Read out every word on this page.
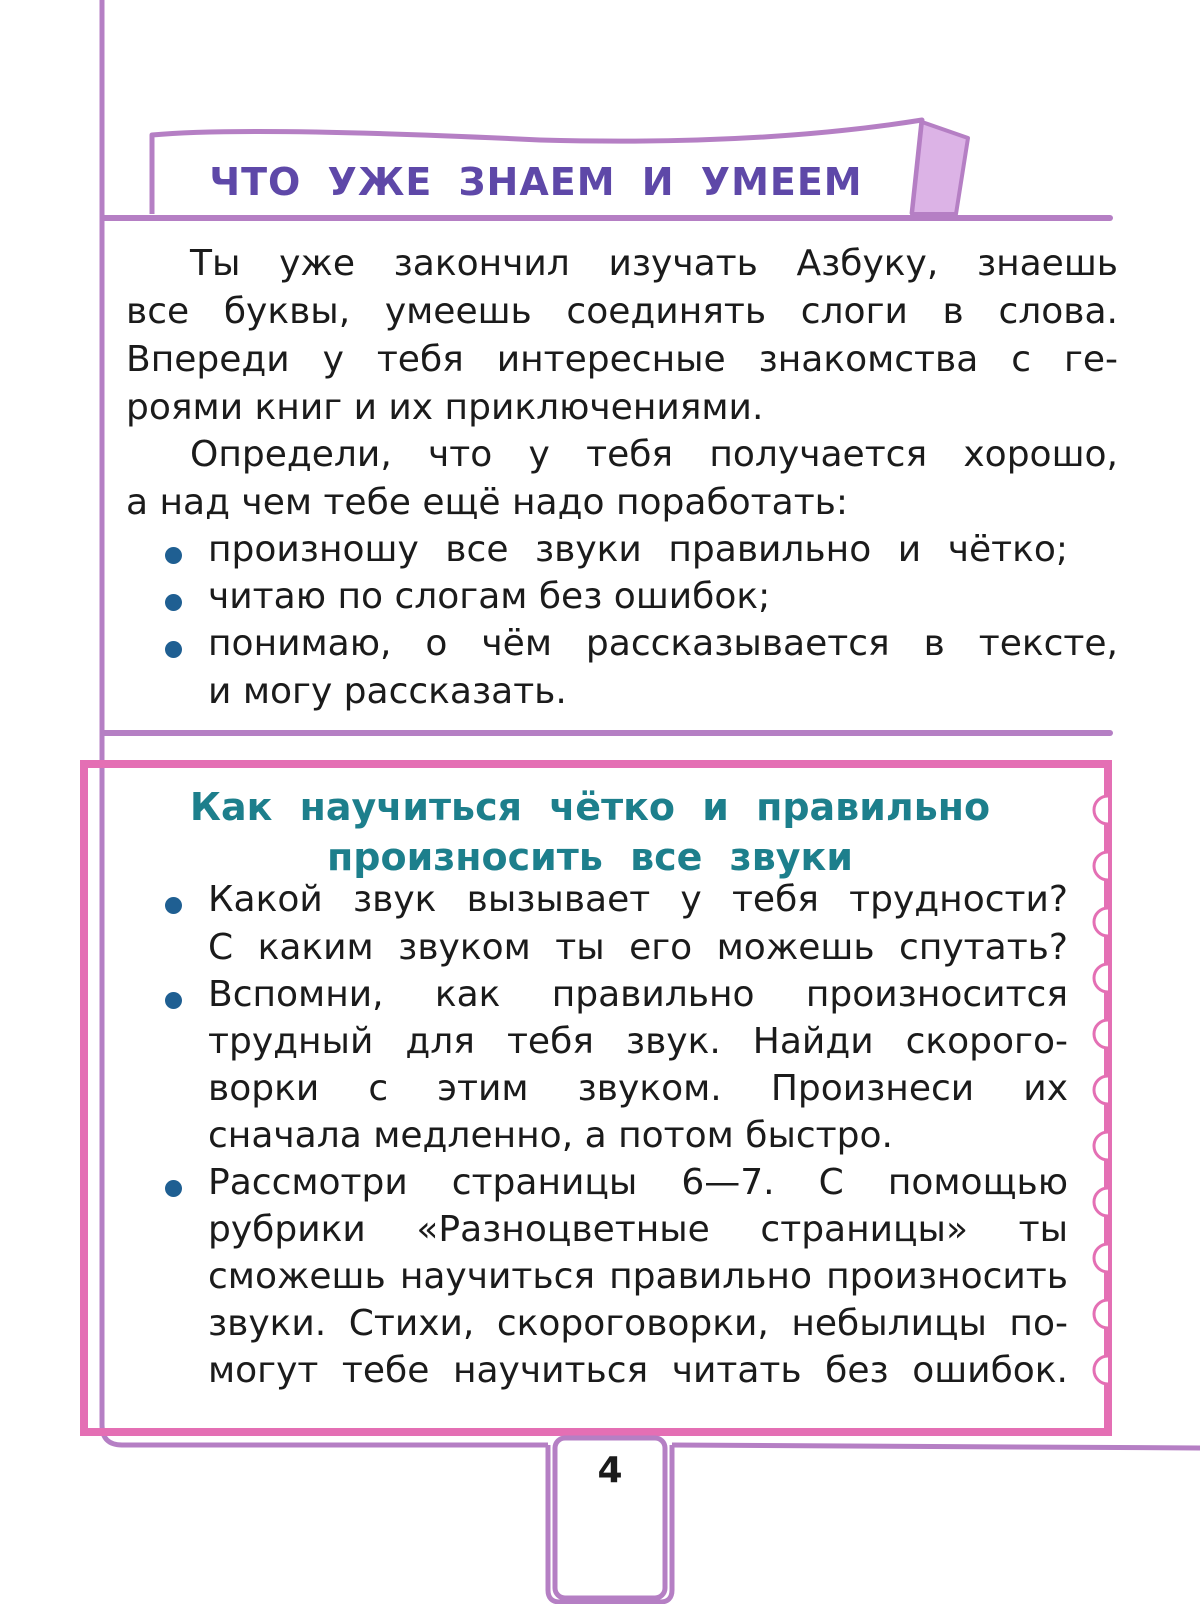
ЧТО УЖЕ ЗНАЕМ И УМЕЕМ
Ты уже закончил изучать Азбуку, знаешь
все буквы, умеешь соединять слоги в слова.
Впереди у тебя интересные знакомства с ге-
роями книг и их приключениями.
Определи, что у тебя получается хорошо,
а над чем тебе ещё надо поработать:
произношу все звуки правильно и чётко;
читаю по слогам без ошибок;
понимаю, о чём рассказывается в тексте,
и могу рассказать.
Как научиться чётко и правильно
произносить все звуки
Какой звук вызывает у тебя трудности?
С каким звуком ты его можешь спутать?
Вспомни, как правильно произносится
трудный для тебя звук. Найди скорого-
ворки с этим звуком. Произнеси их
сначала медленно, а потом быстро.
Рассмотри страницы 6—7. С помощью
рубрики «Разноцветные страницы» ты
сможешь научиться правильно произносить
звуки. Стихи, скороговорки, небылицы по-
могут тебе научиться читать без ошибок.
4
